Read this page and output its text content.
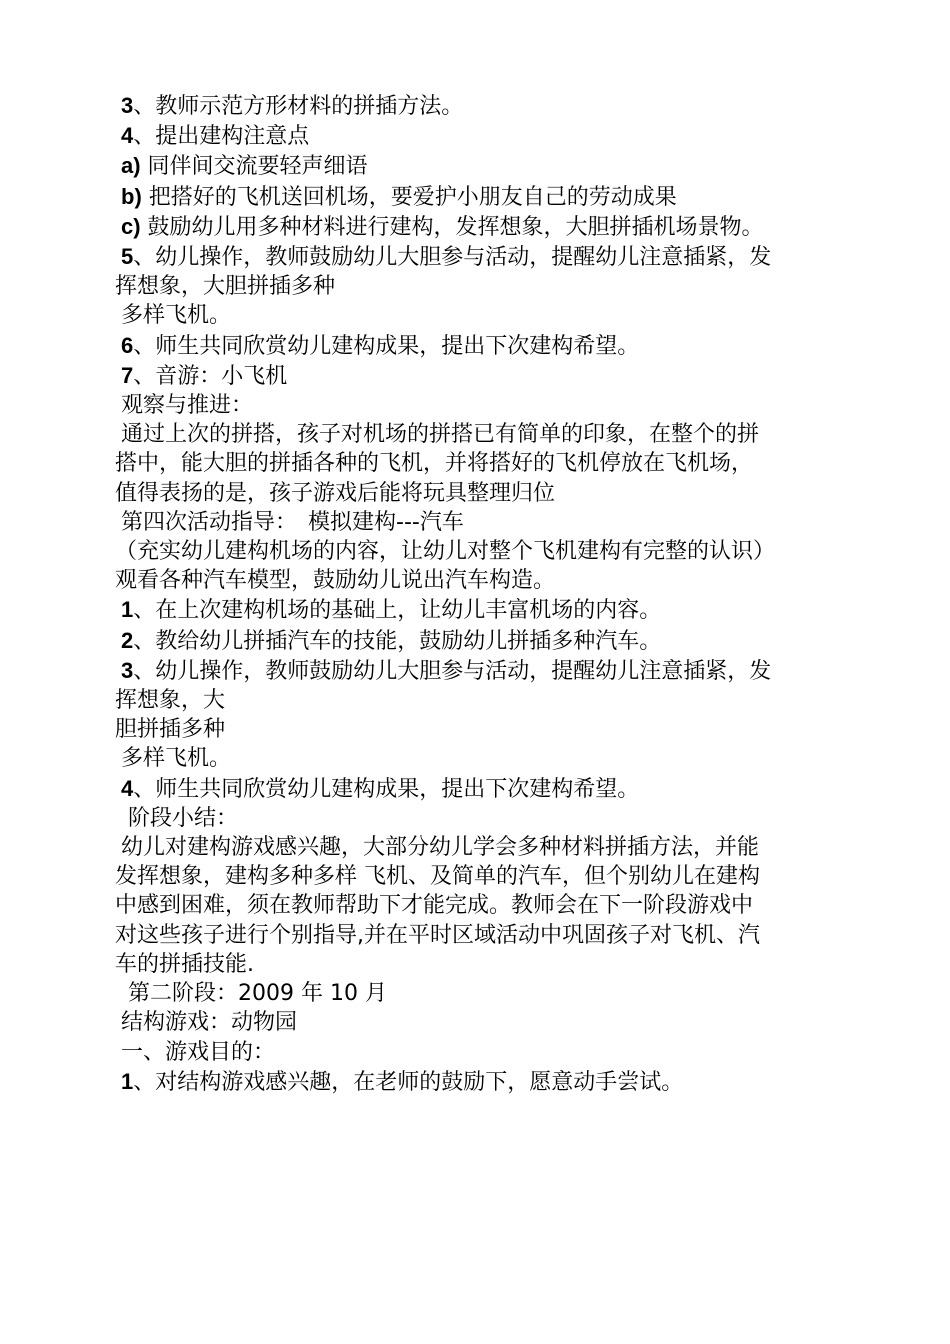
3、教师示范方形材料的拼插方法。

4、提出建构注意点

a) 同伴间交流要轻声细语

b) 把搭好的飞机送回机场，要爱护小朋友自己的劳动成果

c) 鼓励幼儿用多种材料进行建构，发挥想象，大胆拼插机场景物。

5、幼儿操作，教师鼓励幼儿大胆参与活动，提醒幼儿注意插紧，发

挥想象，大胆拼插多种

多样飞机。

6、师生共同欣赏幼儿建构成果，提出下次建构希望。

7、音游：小飞机

观察与推进：

通过上次的拼搭，孩子对机场的拼搭已有简单的印象，在整个的拼

搭中，能大胆的拼插各种的飞机，并将搭好的飞机停放在飞机场，

值得表扬的是，孩子游戏后能将玩具整理归位

第四次活动指导：　模拟建构---汽车

（充实幼儿建构机场的内容，让幼儿对整个飞机建构有完整的认识）

观看各种汽车模型，鼓励幼儿说出汽车构造。

1、在上次建构机场的基础上，让幼儿丰富机场的内容。

2、教给幼儿拼插汽车的技能，鼓励幼儿拼插多种汽车。

3、幼儿操作，教师鼓励幼儿大胆参与活动，提醒幼儿注意插紧，发

挥想象，大

胆拼插多种

多样飞机。

4、师生共同欣赏幼儿建构成果，提出下次建构希望。

阶段小结：

幼儿对建构游戏感兴趣，大部分幼儿学会多种材料拼插方法，并能

发挥想象，建构多种多样 飞机、及简单的汽车，但个别幼儿在建构

中感到困难，须在教师帮助下才能完成。教师会在下一阶段游戏中

对这些孩子进行个别指导,并在平时区域活动中巩固孩子对飞机、汽

车的拼插技能.

第二阶段：2009 年 10 月

结构游戏：动物园

一、游戏目的：

1、对结构游戏感兴趣，在老师的鼓励下，愿意动手尝试。
